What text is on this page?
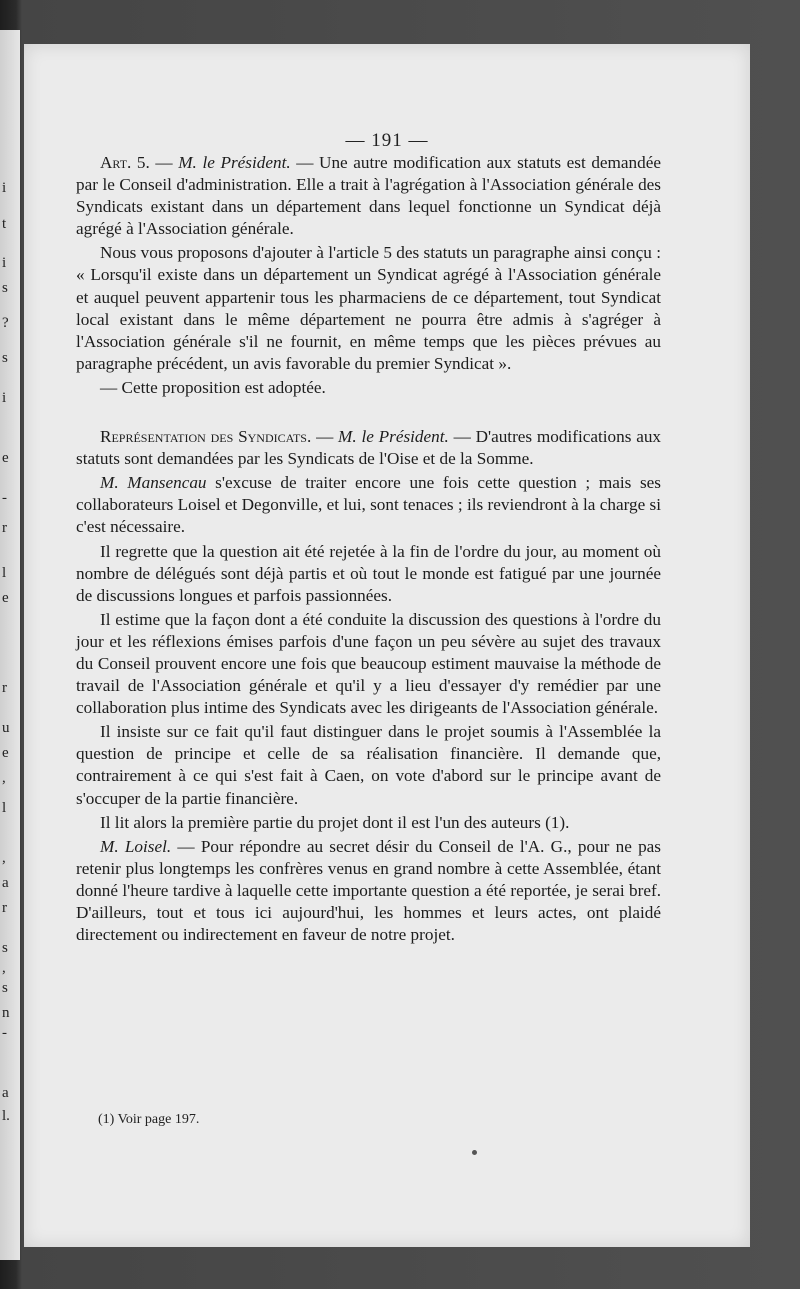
i
t
i
s
?
s
i
e
-
r
l
e
r
u
e
,
l
,
a
r
s
,
s
n
-
a
l.
— 191 —

Art. 5. — M. le Président. — Une autre modification aux statuts est demandée par le Conseil d'administration. Elle a trait à l'agrégation à l'Association générale des Syndicats existant dans un département dans lequel fonctionne un Syndicat déjà agrégé à l'Association générale.

Nous vous proposons d'ajouter à l'article 5 des statuts un paragraphe ainsi conçu : « Lorsqu'il existe dans un département un Syndicat agrégé à l'Association générale et auquel peuvent appartenir tous les pharmaciens de ce département, tout Syndicat local existant dans le même département ne pourra être admis à s'agréger à l'Association générale s'il ne fournit, en même temps que les pièces prévues au paragraphe précédent, un avis favorable du premier Syndicat ».

— Cette proposition est adoptée.

Représentation des Syndicats. — M. le Président. — D'autres modifications aux statuts sont demandées par les Syndicats de l'Oise et de la Somme.

M. Mansencau s'excuse de traiter encore une fois cette question ; mais ses collaborateurs Loisel et Degonville, et lui, sont tenaces ; ils reviendront à la charge si c'est nécessaire.

Il regrette que la question ait été rejetée à la fin de l'ordre du jour, au moment où nombre de délégués sont déjà partis et où tout le monde est fatigué par une journée de discussions longues et parfois passionnées.

Il estime que la façon dont a été conduite la discussion des questions à l'ordre du jour et les réflexions émises parfois d'une façon un peu sévère au sujet des travaux du Conseil prouvent encore une fois que beaucoup estiment mauvaise la méthode de travail de l'Association générale et qu'il y a lieu d'essayer d'y remédier par une collaboration plus intime des Syndicats avec les dirigeants de l'Association générale.

Il insiste sur ce fait qu'il faut distinguer dans le projet soumis à l'Assemblée la question de principe et celle de sa réalisation financière. Il demande que, contrairement à ce qui s'est fait à Caen, on vote d'abord sur le principe avant de s'occuper de la partie financière.

Il lit alors la première partie du projet dont il est l'un des auteurs (1).

M. Loisel. — Pour répondre au secret désir du Conseil de l'A. G., pour ne pas retenir plus longtemps les confrères venus en grand nombre à cette Assemblée, étant donné l'heure tardive à laquelle cette importante question a été reportée, je serai bref. D'ailleurs, tout et tous ici aujourd'hui, les hommes et leurs actes, ont plaidé directement ou indirectement en faveur de notre projet.

(1) Voir page 197.
